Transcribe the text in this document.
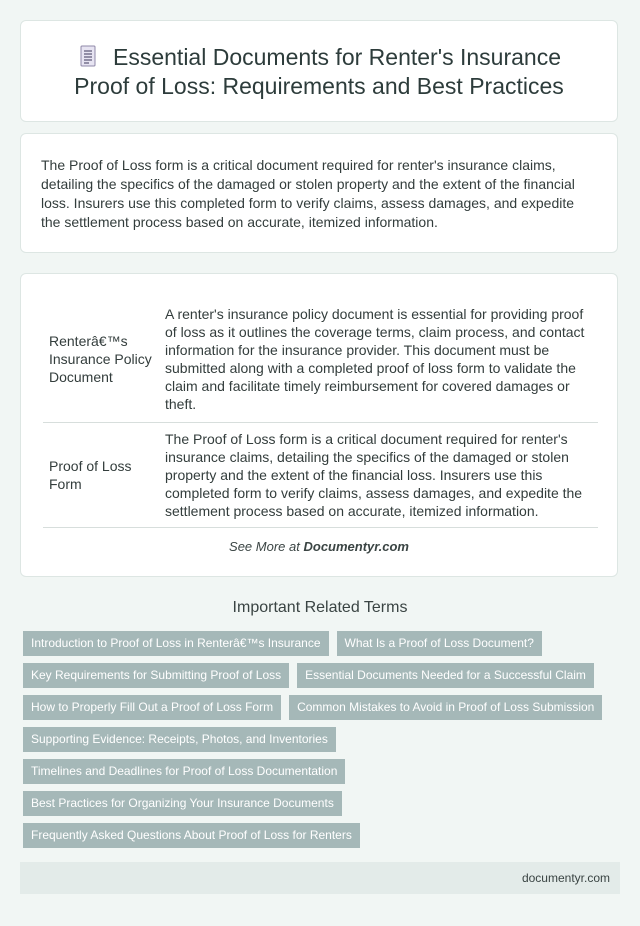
Essential Documents for Renter's Insurance Proof of Loss: Requirements and Best Practices

The Proof of Loss form is a critical document required for renter's insurance claims, detailing the specifics of the damaged or stolen property and the extent of the financial loss. Insurers use this completed form to verify claims, assess damages, and expedite the settlement process based on accurate, itemized information.

Renterâ€™s Insurance Policy Document	A renter's insurance policy document is essential for providing proof of loss as it outlines the coverage terms, claim process, and contact information for the insurance provider. This document must be submitted along with a completed proof of loss form to validate the claim and facilitate timely reimbursement for covered damages or theft.
Proof of Loss Form	The Proof of Loss form is a critical document required for renter's insurance claims, detailing the specifics of the damaged or stolen property and the extent of the financial loss. Insurers use this completed form to verify claims, assess damages, and expedite the settlement process based on accurate, itemized information.
See More at Documentyr.com
Important Related Terms
Introduction to Proof of Loss in Renterâ€™s Insurance	What Is a Proof of Loss Document?
Key Requirements for Submitting Proof of Loss	Essential Documents Needed for a Successful Claim
How to Properly Fill Out a Proof of Loss Form	Common Mistakes to Avoid in Proof of Loss Submission
Supporting Evidence: Receipts, Photos, and Inventories
Timelines and Deadlines for Proof of Loss Documentation
Best Practices for Organizing Your Insurance Documents
Frequently Asked Questions About Proof of Loss for Renters
documentyr.com
